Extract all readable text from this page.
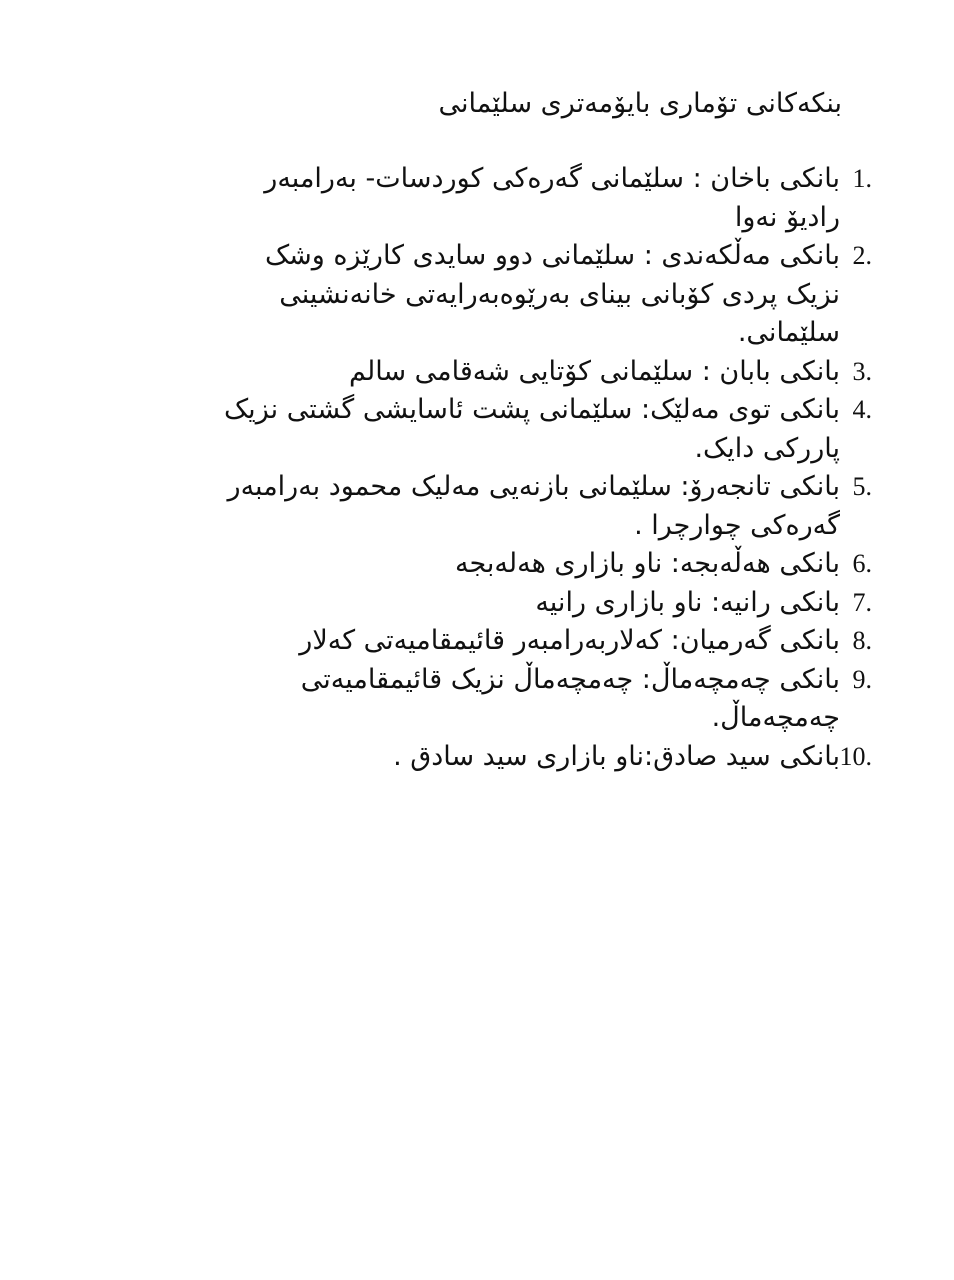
بنکەکانی تۆماری بایۆمەتری سلێمانی
1.
بانکی باخان : سلێمانی گەرەکی کوردسات- بەرامبەر رادیۆ نەوا
2.
بانکی مەڵکەندی : سلێمانی دوو سایدی کارێزە وشک نزیک پردی کۆبانی بینای بەرێوەبەرایەتی خانەنشینی سلێمانی.
3.
بانکی بابان : سلێمانی کۆتایی شەقامی سالم
4.
بانکی توی مەلێک: سلێمانی پشت ئاسایشی گشتی نزیک پاررکی دایک.
5.
بانکی تانجەرۆ: سلێمانی بازنەیی مەلیک محمود بەرامبەر گەرەکی چوارچرا .
6.
بانکی هەڵەبجە: ناو بازاری هەلەبجە
7.
بانکی رانیە: ناو بازاری رانیە
8.
بانکی گەرمیان: کەلاربەرامبەر قائیمقامیەتی کەلار
9.
بانکی چەمچەماڵ: چەمچەماڵ نزیک قائیمقامیەتی چەمچەماڵ.
10.
بانکی سید صادق:ناو بازاری سید سادق .
